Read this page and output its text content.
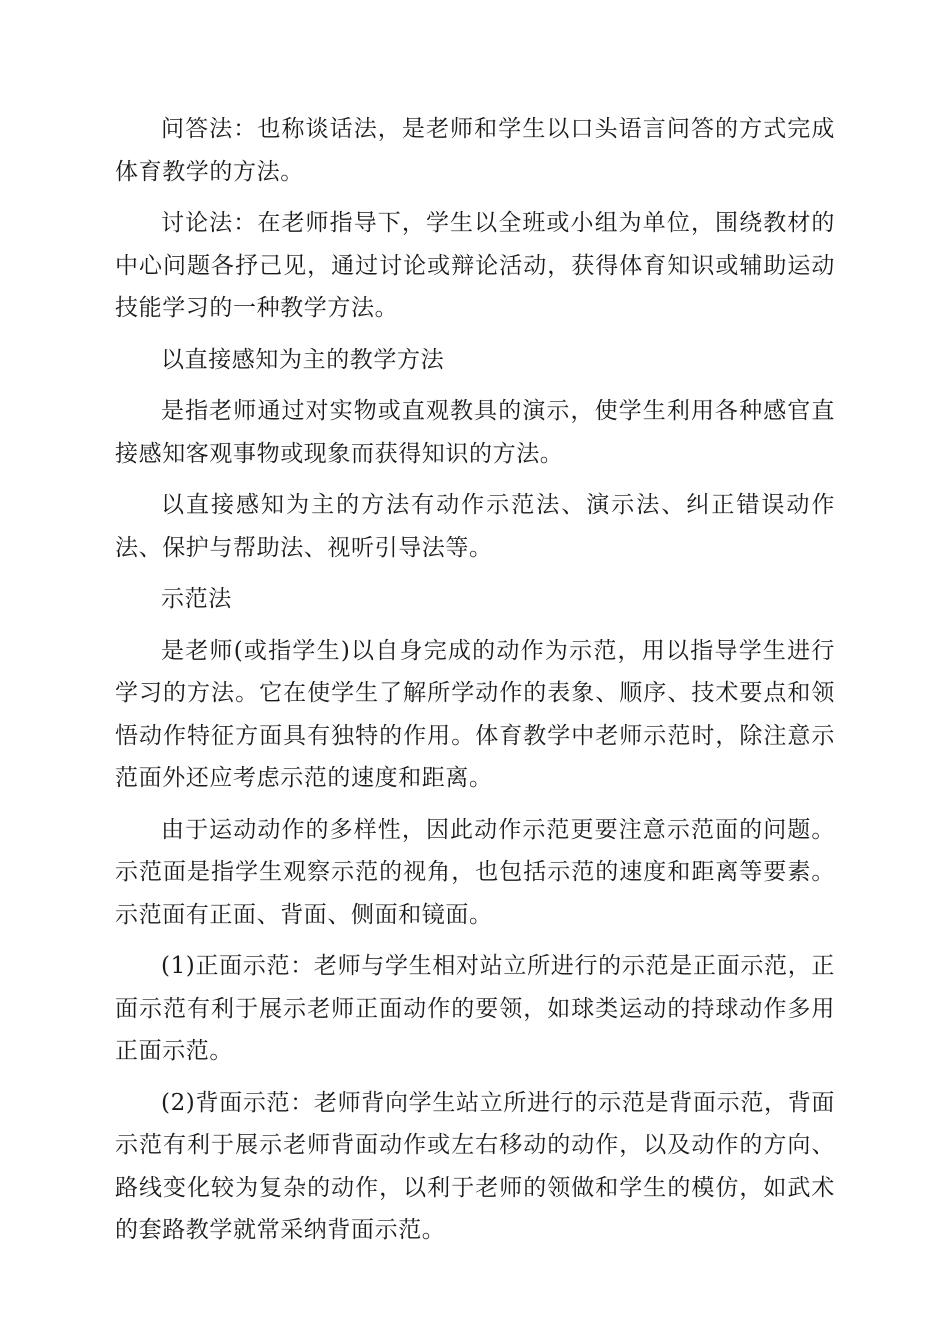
问答法：也称谈话法，是老师和学生以口头语言问答的方式完成体育教学的方法。

讨论法：在老师指导下，学生以全班或小组为单位，围绕教材的中心问题各抒己见，通过讨论或辩论活动，获得体育知识或辅助运动技能学习的一种教学方法。

以直接感知为主的教学方法

是指老师通过对实物或直观教具的演示，使学生利用各种感官直接感知客观事物或现象而获得知识的方法。

以直接感知为主的方法有动作示范法、演示法、纠正错误动作法、保护与帮助法、视听引导法等。

示范法

是老师(或指学生)以自身完成的动作为示范，用以指导学生进行学习的方法。它在使学生了解所学动作的表象、顺序、技术要点和领悟动作特征方面具有独特的作用。体育教学中老师示范时，除注意示范面外还应考虑示范的速度和距离。

由于运动动作的多样性，因此动作示范更要注意示范面的问题。示范面是指学生观察示范的视角，也包括示范的速度和距离等要素。示范面有正面、背面、侧面和镜面。

(1)正面示范：老师与学生相对站立所进行的示范是正面示范，正面示范有利于展示老师正面动作的要领，如球类运动的持球动作多用正面示范。

(2)背面示范：老师背向学生站立所进行的示范是背面示范，背面示范有利于展示老师背面动作或左右移动的动作，以及动作的方向、路线变化较为复杂的动作，以利于老师的领做和学生的模仿，如武术的套路教学就常采纳背面示范。
